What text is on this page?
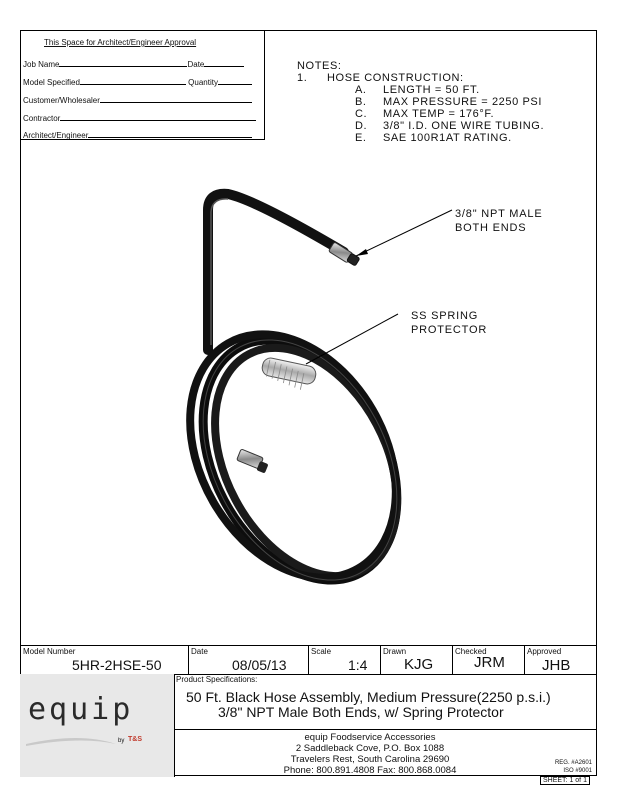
This Space for Architect/Engineer Approval
Job Name	Date
Model Specified	Quantity
Customer/Wholesaler
Contractor
Architect/Engineer
NOTES:
1. HOSE CONSTRUCTION:
A. LENGTH = 50 FT.
B. MAX PRESSURE = 2250 PSI
C. MAX TEMP = 176°F.
D. 3/8" I.D. ONE WIRE TUBING.
E. SAE 100R1AT RATING.
3/8" NPT MALE
BOTH ENDS
SS SPRING
PROTECTOR
Model Number
5HR-2HSE-50
Date
08/05/13
Scale
1:4
Drawn
KJG
Checked
JRM
Approved
JHB
by T&S
equip
Product Specifications:
50 Ft. Black Hose Assembly, Medium Pressure(2250 p.s.i.)
3/8" NPT Male Both Ends, w/ Spring Protector
equip Foodservice Accessories
2 Saddleback Cove, P.O. Box 1088
Travelers Rest, South Carolina 29690
Phone: 800.891.4808 Fax: 800.868.0084
REG. #A2601
ISO #9001
SHEET: 1 of 1
